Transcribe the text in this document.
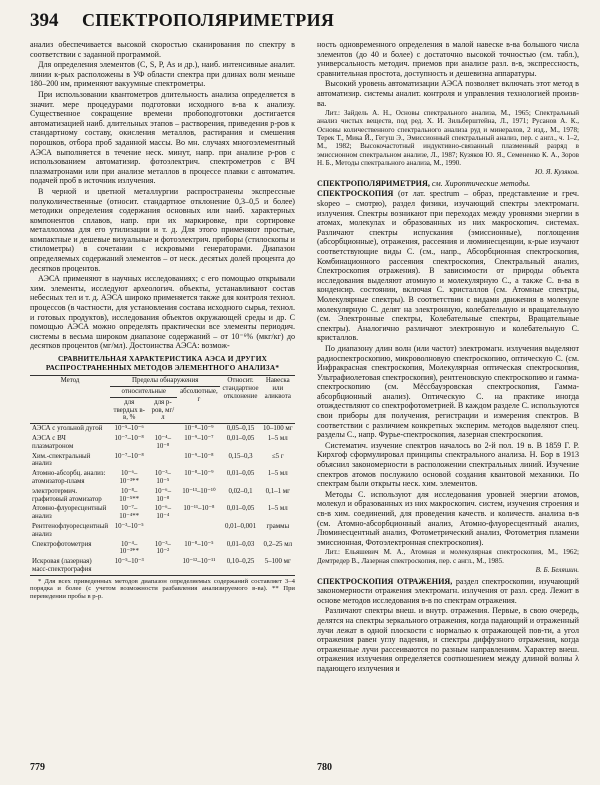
394 СПЕКТРОПОЛЯРИМЕТРИЯ

анализ обеспечивается высокой скоростью сканирования по спектру в соответствии с заданной программой.

Для определения элементов (С, S, P, As и др.), наиб. интенсивные аналит. линии к-рых расположены в УФ области спектра при длинах волн меньше 180–200 нм, применяют вакуумные спектрометры.

При использовании квантометров длительность анализа определяется в значит. мере процедурами подготовки исходного в-ва к анализу. Существенное сокращение времени пробоподготовки достигается автоматизацией наиб. длительных этапов – растворения, приведения р-ров к стандартному составу, окисления металлов, растирания и смешения порошков, отбора проб заданной массы. Во мн. случаях многоэлементный АЭСА выполняется в течение неск. минут, напр. при анализе р-ров с использованием автоматизир. фотоэлектрич. спектрометров с ВЧ плазматронами или при анализе металлов в процессе плавки с автоматич. подачей проб в источник излучения.

В черной и цветной металлургии распространены экспрессные полуколичественные (относит. стандартное отклонение 0,3–0,5 и более) методики определения содержания основных или наиб. характерных компонентов сплавов, напр. при их маркировке, при сортировке металлолома для его утилизации и т. д. Для этого применяют простые, компактные и дешевые визуальные и фотоэлектрич. приборы (стилоскопы и стилометры) в сочетании с искровыми генераторами. Диапазон определяемых содержаний элементов – от неск. десятых долей процента до десятков процентов.

АЭСА применяют в научных исследованиях; с его помощью открывали хим. элементы, исследуют археологич. объекты, устанавливают состав небесных тел и т. д. АЭСА широко применяется также для контроля технол. процессов (в частности, для установления состава исходного сырья, технол. и готовых продуктов), исследования объектов окружающей среды и др. С помощью АЭСА можно определять практически все элементы периодич. системы в весьма широком диапазоне содержаний – от 10⁻⁶% (мкг/кг) до десятков процентов (мг/мл). Достоинства АЭСА: возмож-

СРАВНИТЕЛЬНАЯ ХАРАКТЕРИСТИКА АЭСА И ДРУГИХ РАСПРОСТРАНЕННЫХ МЕТОДОВ ЭЛЕМЕНТНОГО АНАЛИЗА*
Метод	Пределы обнаружения			Относит. стандартное отклонение	Навеска или аликвота
	относительные		абсолютные, г		
	для твердых в-в, %	для р-ров, мг/л			
АЭСА с угольной дугой	10⁻⁵–10⁻⁶		10⁻⁸–10⁻⁹	0,05–0,15	10–100 мг
АЭСА с ВЧ плазматроном	10⁻⁷–10⁻⁸	10⁻⁴–10⁻⁸	10⁻⁹–10⁻⁷	0,01–0,05	1–5 мл
Хим.-спектральный анализ	10⁻⁷–10⁻⁸		10⁻⁹–10⁻⁸	0,15–0,3	≤5 г
Атомно-абсорбц. анализ: атомизатор-пламя	10⁻⁶–10⁻³**	10⁻³–10⁻⁵	10⁻⁸–10⁻⁹	0,01–0,05	1–5 мл
электротермич. графитовый атомизатор	10⁻⁸–10⁻⁵**	10⁻⁶–10⁻⁸	10⁻¹³–10⁻¹⁰	0,02–0,1	0,1–1 мг
Атомно-флуоресцентный анализ	10⁻⁷–10⁻⁴**	10⁻⁶–10⁻⁴	10⁻¹¹–10⁻⁸	0,01–0,05	1–5 мл
Рентгенофлуоресцентный анализ	10⁻³–10⁻⁵			0,01–0,001	граммы
Спектрофотометрия	10⁻⁴–10⁻³**	10⁻³–10⁻²	10⁻⁸–10⁻⁵	0,01–0,03	0,2–25 мл
Искровая (лазерная) масс-спектрография	10⁻⁵–10⁻³		10⁻¹²–10⁻¹¹	0,10–0,25	5–100 мг
* Для всех приведенных методов диапазон определяемых содержаний составляет 3–4 порядка и более (с учетом возможности разбавления анализируемого в-ва). ** При переведении пробы в р-р.

ность одновременного определения в малой навеске в-ва большого числа элементов (до 40 и более) с достаточно высокой точностью (см. табл.), универсальность методич. приемов при анализе разл. в-в, экспрессность, сравнительная простота, доступность и дешевизна аппаратуры.

Высокий уровень автоматизации АЭСА позволяет включать этот метод в автоматизир. системы аналит. контроля и управления технологией произв-ва.

Лит.: Зайдель А. Н., Основы спектрального анализа, М., 1965; Спектральный анализ чистых веществ, под ред. Х. И. Зильберштейна, Л., 1971; Русанов А. К., Основы количественного спектрального анализа руд и минералов, 2 изд., М., 1978; Терек Т., Мика Й., Гегуш Э., Эмиссионный спектральный анализ, пер. с англ., ч. 1–2, М., 1982; Высокочастотный индуктивно-связанный плазменный разряд в эмиссионном спектральном анализе, Л., 1987; Кузяков Ю. Я., Семененко К. А., Зоров Н. Б., Методы спектрального анализа, М., 1990.

Ю. Я. Кузяков.

СПЕКТРОПОЛЯРИМЕТРИЯ, см. Хироптические методы.

СПЕКТРОСКОПИЯ (от лат. spectrum – образ, представление и греч. skopeo – смотрю), раздел физики, изучающий спектры электромагн. излучения. Спектры возникают при переходах между уровнями энергии в атомах, молекулах и образованных из них макроскопич. системах. Различают спектры испускания (эмиссионные), поглощения (абсорбционные), отражения, рассеяния и люминесценции, к-рые изучают соответствующие виды С. (см., напр., Абсорбционная спектроскопия, Комбинационного рассеяния спектроскопия, Спектральный анализ, Спектроскопия отражения). В зависимости от природы объекта исследования выделяют атомную и молекулярную С., а также С. в-ва в конденсир. состоянии, включая С. кристаллов (см. Атомные спектры, Молекулярные спектры). В соответствии с видами движения в молекуле молекулярную С. делят на электронную, колебательную и вращательную (см. Электронные спектры, Колебательные спектры, Вращательные спектры). Аналогично различают электронную и колебательную С. кристаллов.

По диапазону длин волн (или частот) электромагн. излучения выделяют радиоспектроскопию, микроволновую спектроскопию, оптическую С. (см. Инфракрасная спектроскопия, Молекулярная оптическая спектроскопия, Ультрафиолетовая спектроскопия), рентгеновскую спектроскопию и гамма-спектроскопию (см. Мёссбауэровская спектроскопия, Гамма-абсорбционный анализ). Оптическую С. на практике иногда отождествляют со спектрофотометрией. В каждом разделе С. используются свои приборы для получения, регистрации и измерения спектров. В соответствии с различием конкретных эксперим. методов выделяют спец. разделы С., напр. Фурье-спектроскопия, лазерная спектроскопия.

Систематич. изучение спектров началось во 2-й пол. 19 в. В 1859 Г. Р. Кирхгоф сформулировал принципы спектрального анализа. Н. Бор в 1913 объяснил закономерности в расположении спектральных линий. Изучение спектров атомов послужило основой создания квантовой механики. По спектрам были открыты неск. хим. элементов.

Методы С. используют для исследования уровней энергии атомов, молекул и образованных из них макроскопич. систем, изучения строения и св-в хим. соединений, для проведения качеств. и количеств. анализа в-в (см. Атомно-абсорбционный анализ, Атомно-флуоресцентный анализ, Люминесцентный анализ, Фотометрический анализ, Фотометрия пламени эмиссионная, Фотоэлектронная спектроскопия).

Лит.: Ельяшевич М. А., Атомная и молекулярная спектроскопия, М., 1962; Демтредер В., Лазерная спектроскопия, пер. с англ., М., 1985.

В. Б. Беляшин.

СПЕКТРОСКОПИЯ ОТРАЖЕНИЯ, раздел спектроскопии, изучающий закономерности отражения электромагн. излучения от разл. сред. Лежит в основе методов исследования в-в по спектрам отражения.

Различают спектры внеш. и внутр. отражения. Первые, в свою очередь, делятся на спектры зеркального отражения, когда падающий и отраженный лучи лежат в одной плоскости с нормалью к отражающей пов-ти, а угол отражения равен углу падения, и спектры диффузного отражения, когда отраженные лучи рассеиваются по разным направлениям. Характер внеш. отражения излучения определяется соотношением между длиной волны λ падающего излучения и

779	780
